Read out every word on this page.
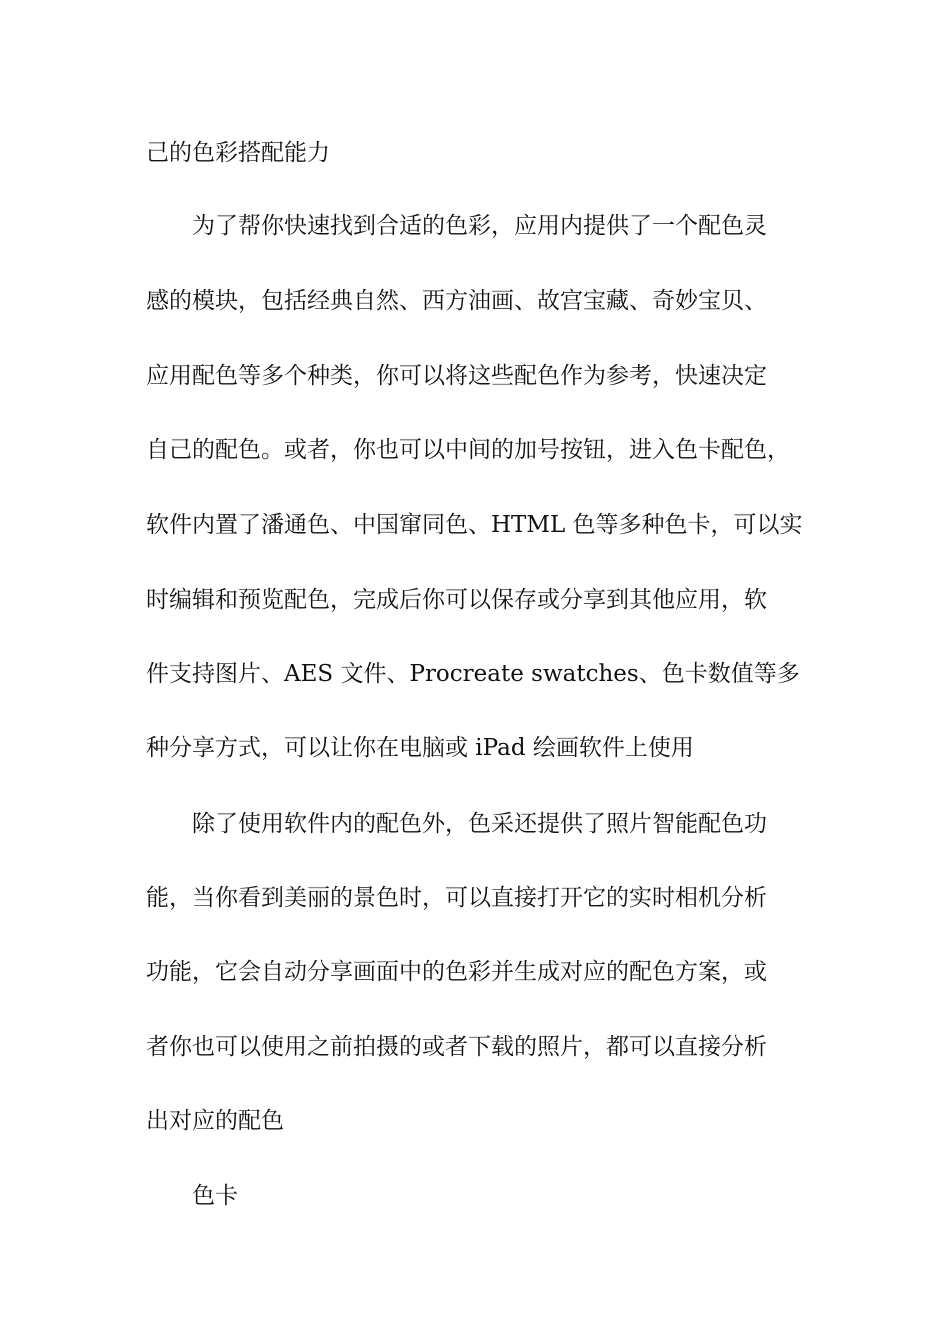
己的色彩搭配能力
为了帮你快速找到合适的色彩，应用内提供了一个配色灵
感的模块，包括经典自然、西方油画、故宫宝藏、奇妙宝贝、
应用配色等多个种类，你可以将这些配色作为参考，快速决定
自己的配色。或者，你也可以中间的加号按钮，进入色卡配色，
软件内置了潘通色、中国窜同色、HTML 色等多种色卡，可以实
时编辑和预览配色，完成后你可以保存或分享到其他应用，软
件支持图片、AES 文件、Procreate swatches、色卡数值等多
种分享方式，可以让你在电脑或 iPad 绘画软件上使用
除了使用软件内的配色外，色采还提供了照片智能配色功
能，当你看到美丽的景色时，可以直接打开它的实时相机分析
功能，它会自动分享画面中的色彩并生成对应的配色方案，或
者你也可以使用之前拍摄的或者下载的照片，都可以直接分析
出对应的配色
色卡
